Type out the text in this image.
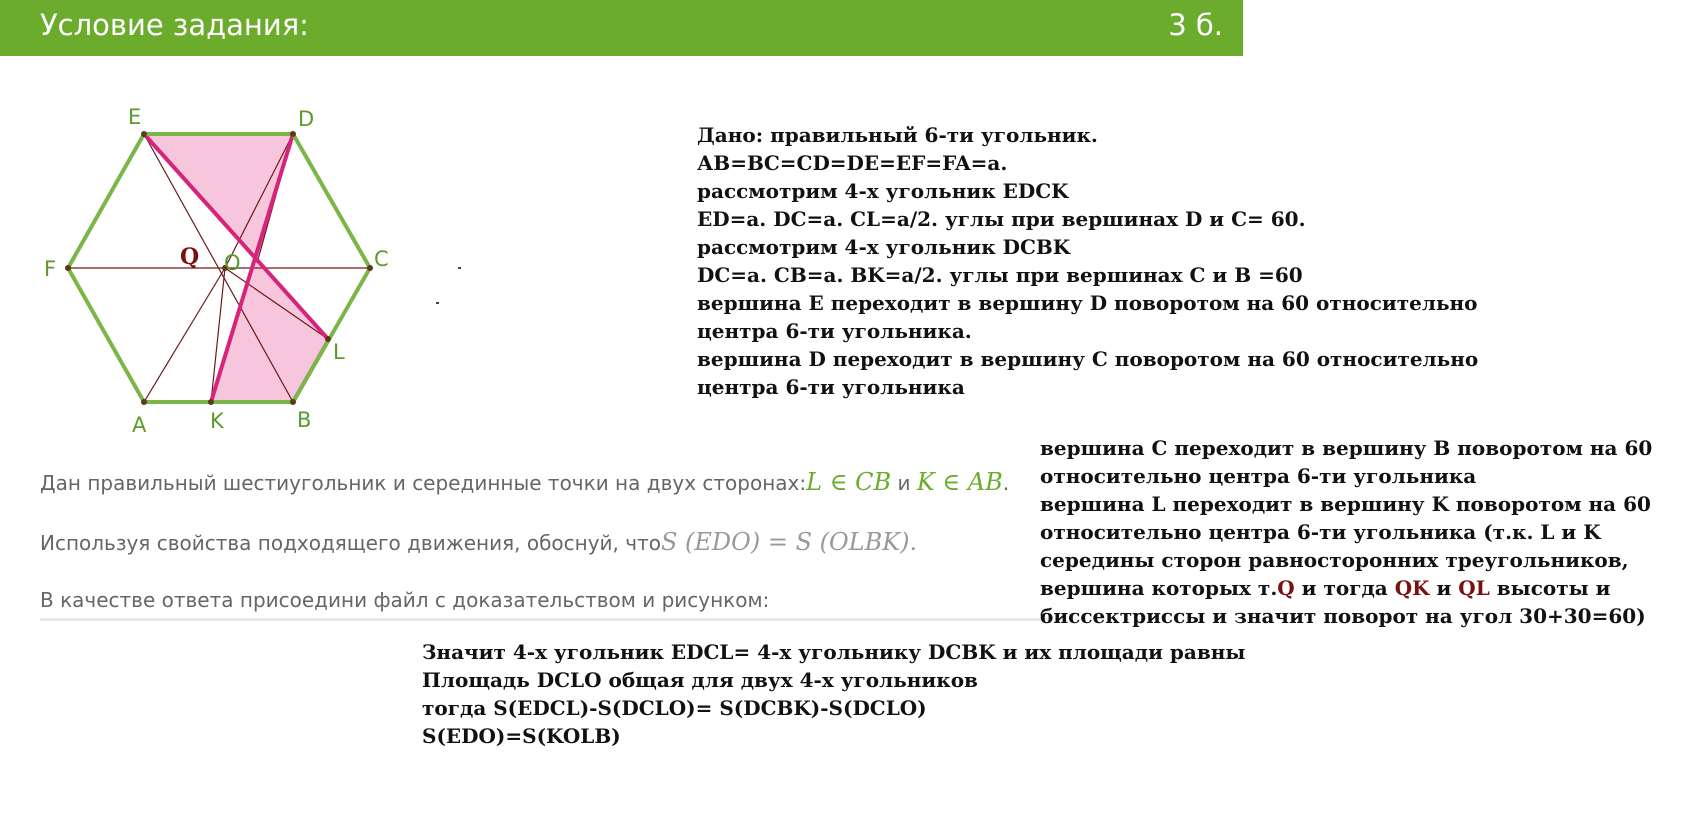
Условие задания:	3 б.
E	D
F	C
A	K	B
L
O
Q
Дан правильный шестиугольник и серединные точки на двух сторонах:L ∈ CB и K ∈ AB.
Используя свойства подходящего движения, обоснуй, чтоS (EDO) = S (OLBK).
В качестве ответа присоедини файл с доказательством и рисунком:
Дано: правильный 6-ти угольник.
АВ=ВС=СD=DE=EF=FA=a.
рассмотрим 4-х угольник EDCK
ED=a. DC=a. CL=a/2. углы при вершинах D и С= 60.
рассмотрим 4-х угольник DCBK
DC=a. CB=a. BK=a/2. углы при вершинах С и В =60
вершина Е переходит в вершину D поворотом на 60 относительно
центра 6-ти угольника.
вершина D переходит в вершину С поворотом на 60 относительно
центра 6-ти угольника
вершина С переходит в вершину В поворотом на 60
относительно центра 6-ти угольника
вершина L переходит в вершину K поворотом на 60
относительно центра 6-ти угольника (т.к. L и K
середины сторон равносторонних треугольников,
вершина которых т.Q и тогда QK и QL высоты и
биссектриссы и значит поворот на угол 30+30=60)
Значит 4-х угольник EDCL= 4-х угольнику DCBK и их площади равны
Площадь DCLO общая для двух 4-х угольников
тогда S(EDCL)-S(DCLO)= S(DCBK)-S(DCLO)
S(EDO)=S(KOLB)
